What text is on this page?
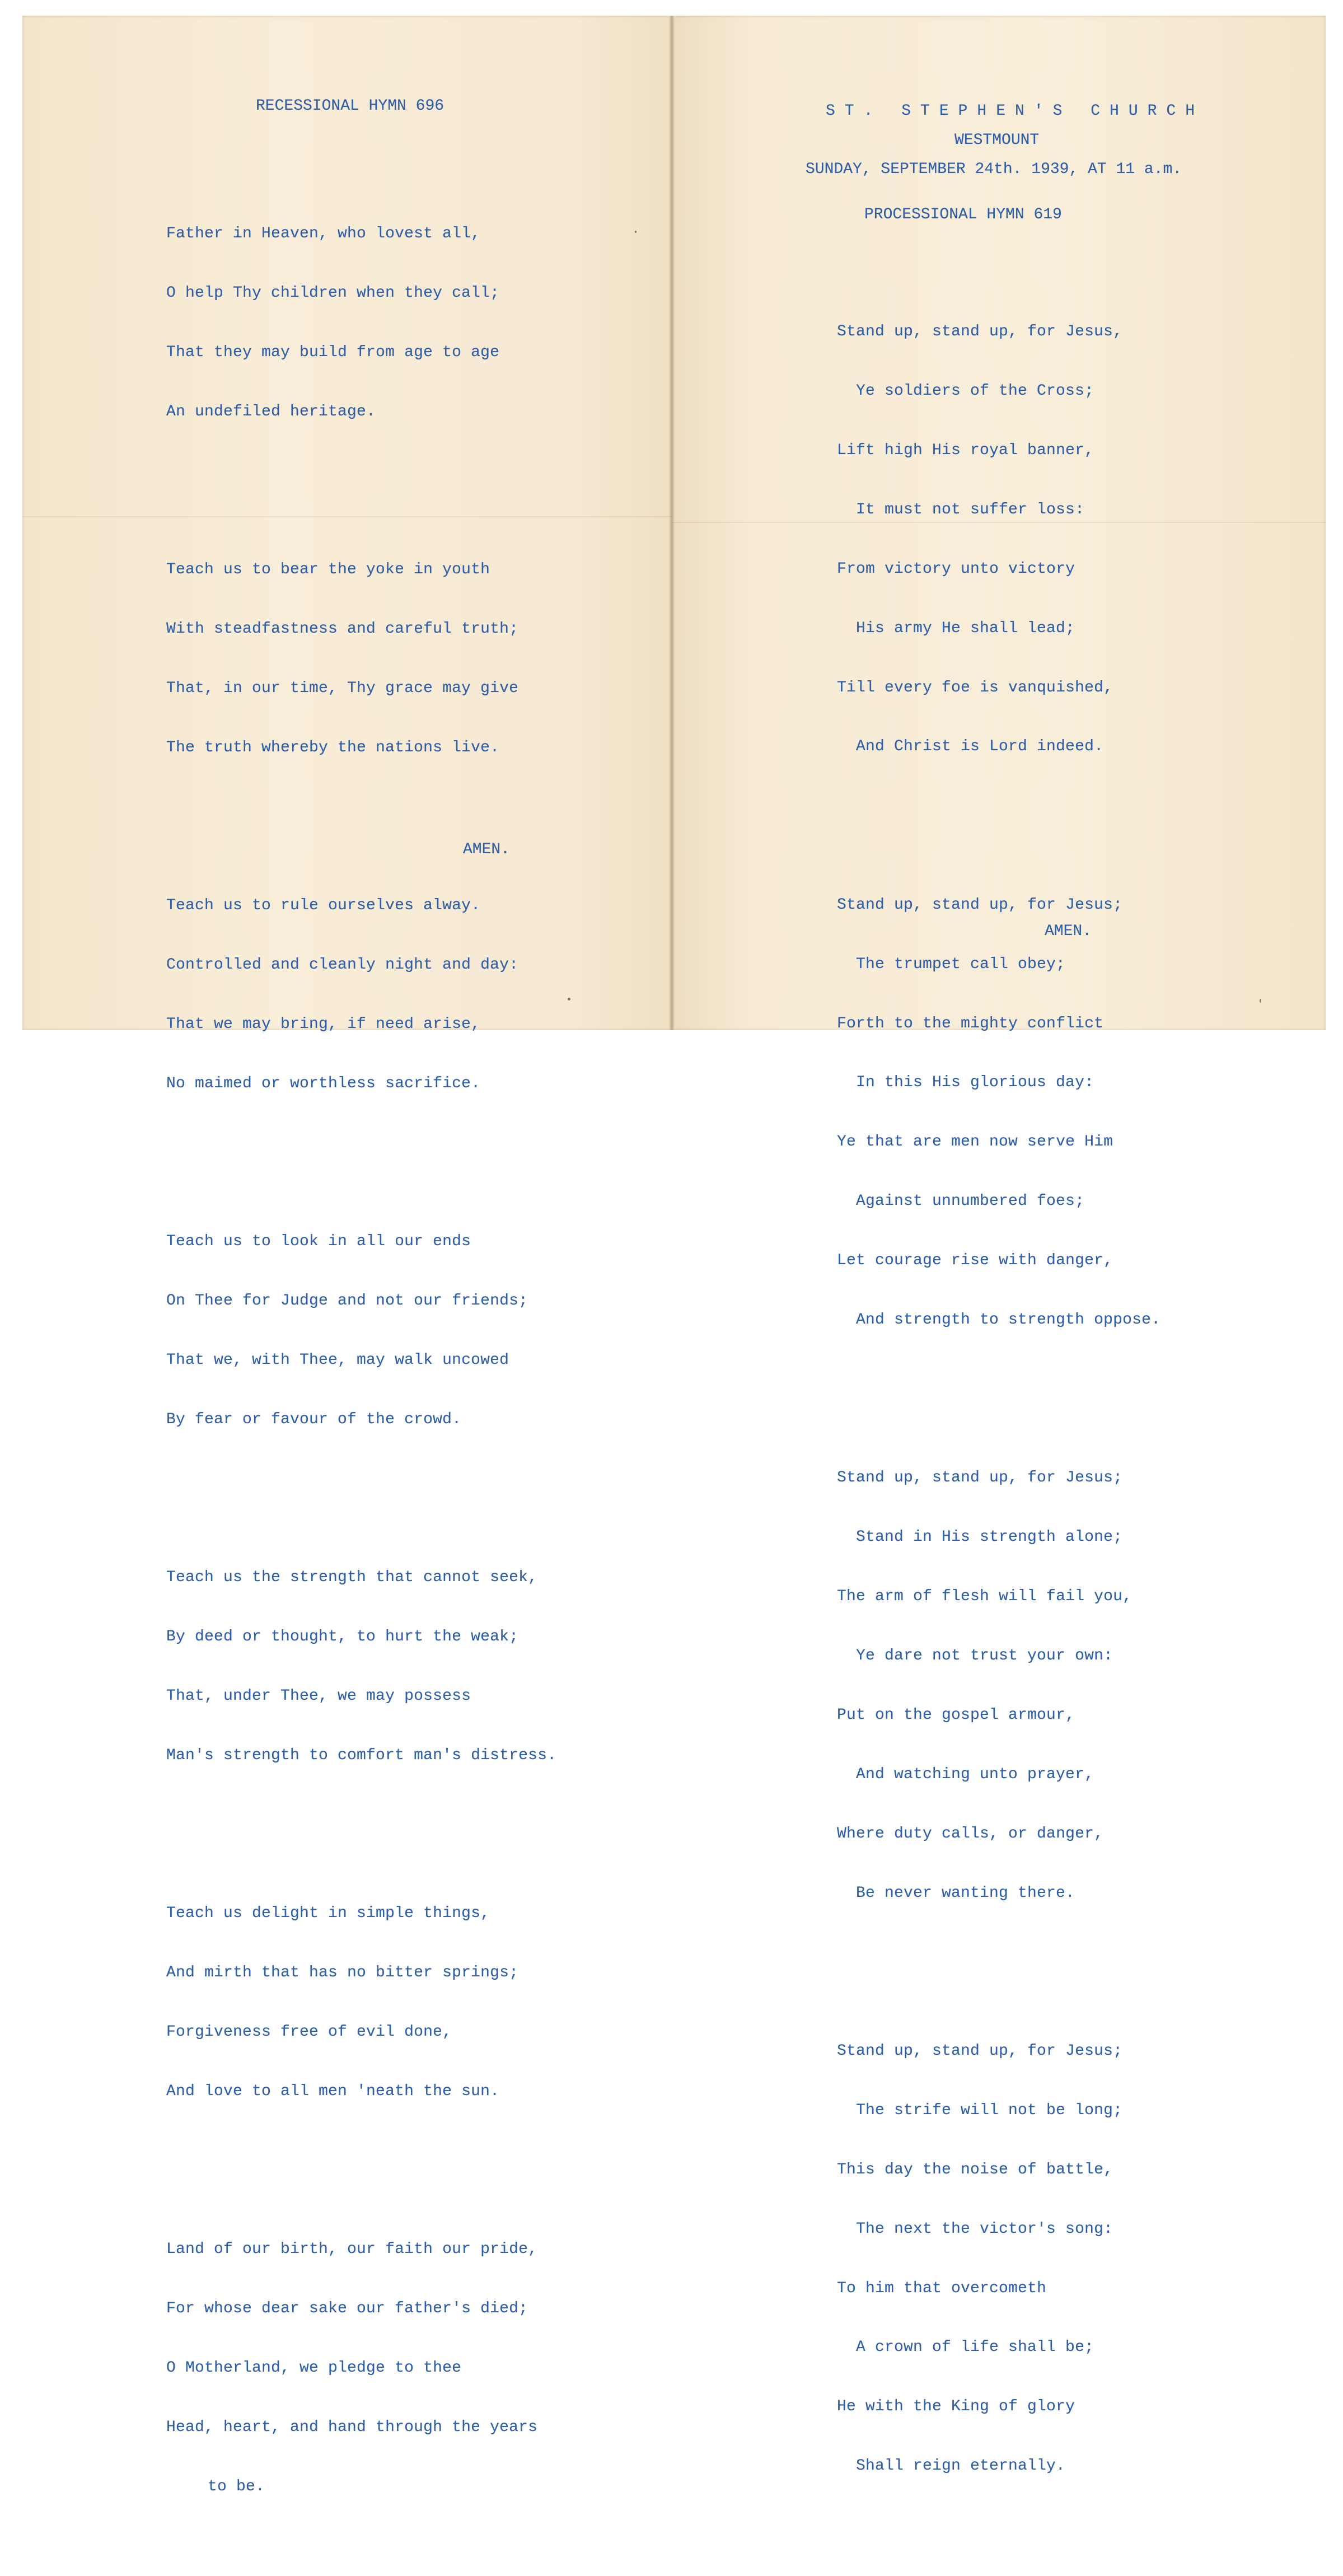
RECESSIONAL HYMN 696

Father in Heaven, who lovest all,

O help Thy children when they call;

That they may build from age to age

An undefiled heritage.

Teach us to bear the yoke in youth

With steadfastness and careful truth;

That, in our time, Thy grace may give

The truth whereby the nations live.

Teach us to rule ourselves alway.

Controlled and cleanly night and day:

That we may bring, if need arise,

No maimed or worthless sacrifice.

Teach us to look in all our ends

On Thee for Judge and not our friends;

That we, with Thee, may walk uncowed

By fear or favour of the crowd.

Teach us the strength that cannot seek,

By deed or thought, to hurt the weak;

That, under Thee, we may possess

Man's strength to comfort man's distress.

Teach us delight in simple things,

And mirth that has no bitter springs;

Forgiveness free of evil done,

And love to all men 'neath the sun.

Land of our birth, our faith our pride,

For whose dear sake our father's died;

O Motherland, we pledge to thee

Head, heart, and hand through the years

to be.

AMEN.
ST. STEPHEN'S CHURCH
WESTMOUNT
SUNDAY, SEPTEMBER 24th. 1939, AT 11 a.m.
PROCESSIONAL HYMN 619

Stand up, stand up, for Jesus,

Ye soldiers of the Cross;

Lift high His royal banner,

It must not suffer loss:

From victory unto victory

His army He shall lead;

Till every foe is vanquished,

And Christ is Lord indeed.

Stand up, stand up, for Jesus;

The trumpet call obey;

Forth to the mighty conflict

In this His glorious day:

Ye that are men now serve Him

Against unnumbered foes;

Let courage rise with danger,

And strength to strength oppose.

Stand up, stand up, for Jesus;

Stand in His strength alone;

The arm of flesh will fail you,

Ye dare not trust your own:

Put on the gospel armour,

And watching unto prayer,

Where duty calls, or danger,

Be never wanting there.

Stand up, stand up, for Jesus;

The strife will not be long;

This day the noise of battle,

The next the victor's song:

To him that overcometh

A crown of life shall be;

He with the King of glory

Shall reign eternally.

AMEN.
